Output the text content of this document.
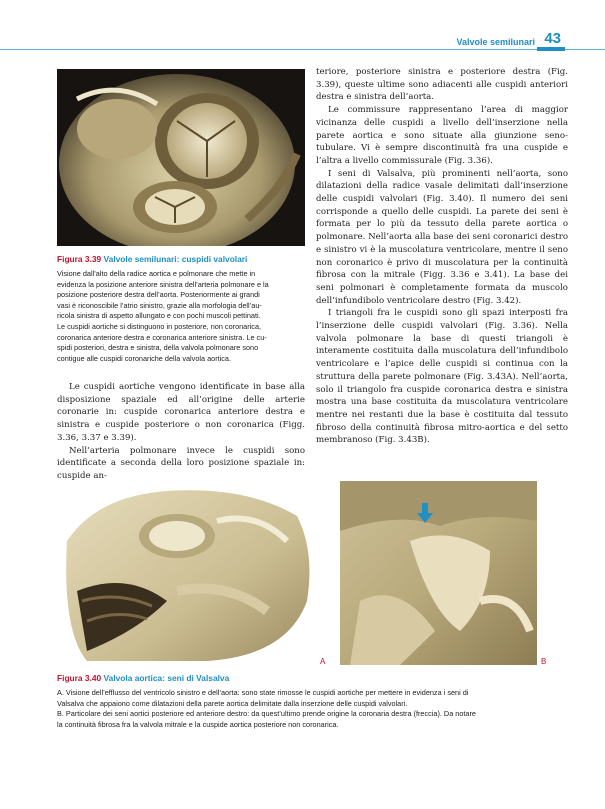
Valvole semilunari 43
Figura 3.39 Valvole semilunari: cuspidi valvolari
Visione dall’alto della radice aortica e polmonare che mette in
evidenza la posizione anteriore sinistra dell’arteria polmonare e la
posizione posteriore destra dell’aorta. Posteriormente ai grandi
vasi è riconoscibile l’atrio sinistro, grazie alla morfologia dell’au-
ricola sinistra di aspetto allungato e con pochi muscoli pettinati.
Le cuspidi aortiche si distinguono in posteriore, non coronarica,
coronarica anteriore destra e coronarica anteriore sinistra. Le cu-
spidi posteriori, destra e sinistra, della valvola polmonare sono
contigue alle cuspidi coronariche della valvola aortica.

Le cuspidi aortiche vengono identificate in base alla disposizione spaziale ed all’origine delle arterie coronarie in: cuspide coronarica anteriore destra e sinistra e cuspide posteriore o non coronarica (Figg. 3.36, 3.37 e 3.39).

Nell’arteria polmonare invece le cuspidi sono identificate a seconda della loro posizione spaziale in: cuspide an-

teriore, posteriore sinistra e posteriore destra (Fig. 3.39), queste ultime sono adiacenti alle cuspidi anteriori destra e sinistra dell’aorta.

Le commissure rappresentano l’area di maggior vicinanza delle cuspidi a livello dell’inserzione nella parete aortica e sono situate alla giunzione seno-tubulare. Vi è sempre discontinuità fra una cuspide e l’altra a livello commissurale (Fig. 3.36).

I seni di Valsalva, più prominenti nell’aorta, sono dilatazioni della radice vasale delimitati dall’inserzione delle cuspidi valvolari (Fig. 3.40). Il numero dei seni corrisponde a quello delle cuspidi. La parete dei seni è formata per lo più da tessuto della parete aortica o polmonare. Nell’aorta alla base dei seni coronarici destro e sinistro vi è la muscolatura ventricolare, mentre il seno non coronarico è privo di muscolatura per la continuità fibrosa con la mitrale (Figg. 3.36 e 3.41). La base dei seni polmonari è completamente formata da muscolo dell’infundibolo ventricolare destro (Fig. 3.42).

I triangoli fra le cuspidi sono gli spazi interposti fra l’inserzione delle cuspidi valvolari (Fig. 3.36). Nella valvola polmonare la base di questi triangoli è interamente costituita dalla muscolatura dell’infundibolo ventricolare e l’apice delle cuspidi si continua con la struttura della parete polmonare (Fig. 3.43A). Nell’aorta, solo il triangolo fra cuspide coronarica destra e sinistra mostra una base costituita da muscolatura ventricolare mentre nei restanti due la base è costituita dal tessuto fibroso della continuità fibrosa mitro-aortica e del setto membranoso (Fig. 3.43B).

A	B
Figura 3.40 Valvola aortica: seni di Valsalva
A. Visione dell’efflusso del ventricolo sinistro e dell’aorta: sono state rimosse le cuspidi aortiche per mettere in evidenza i seni di
Valsalva che appaiono come dilatazioni della parete aortica delimitate dalla inserzione delle cuspidi valvolari.
B. Particolare dei seni aortici posteriore ed anteriore destro: da quest’ultimo prende origine la coronaria destra (freccia). Da notare
la continuità fibrosa fra la valvola mitrale e la cuspide aortica posteriore non coronarica.
